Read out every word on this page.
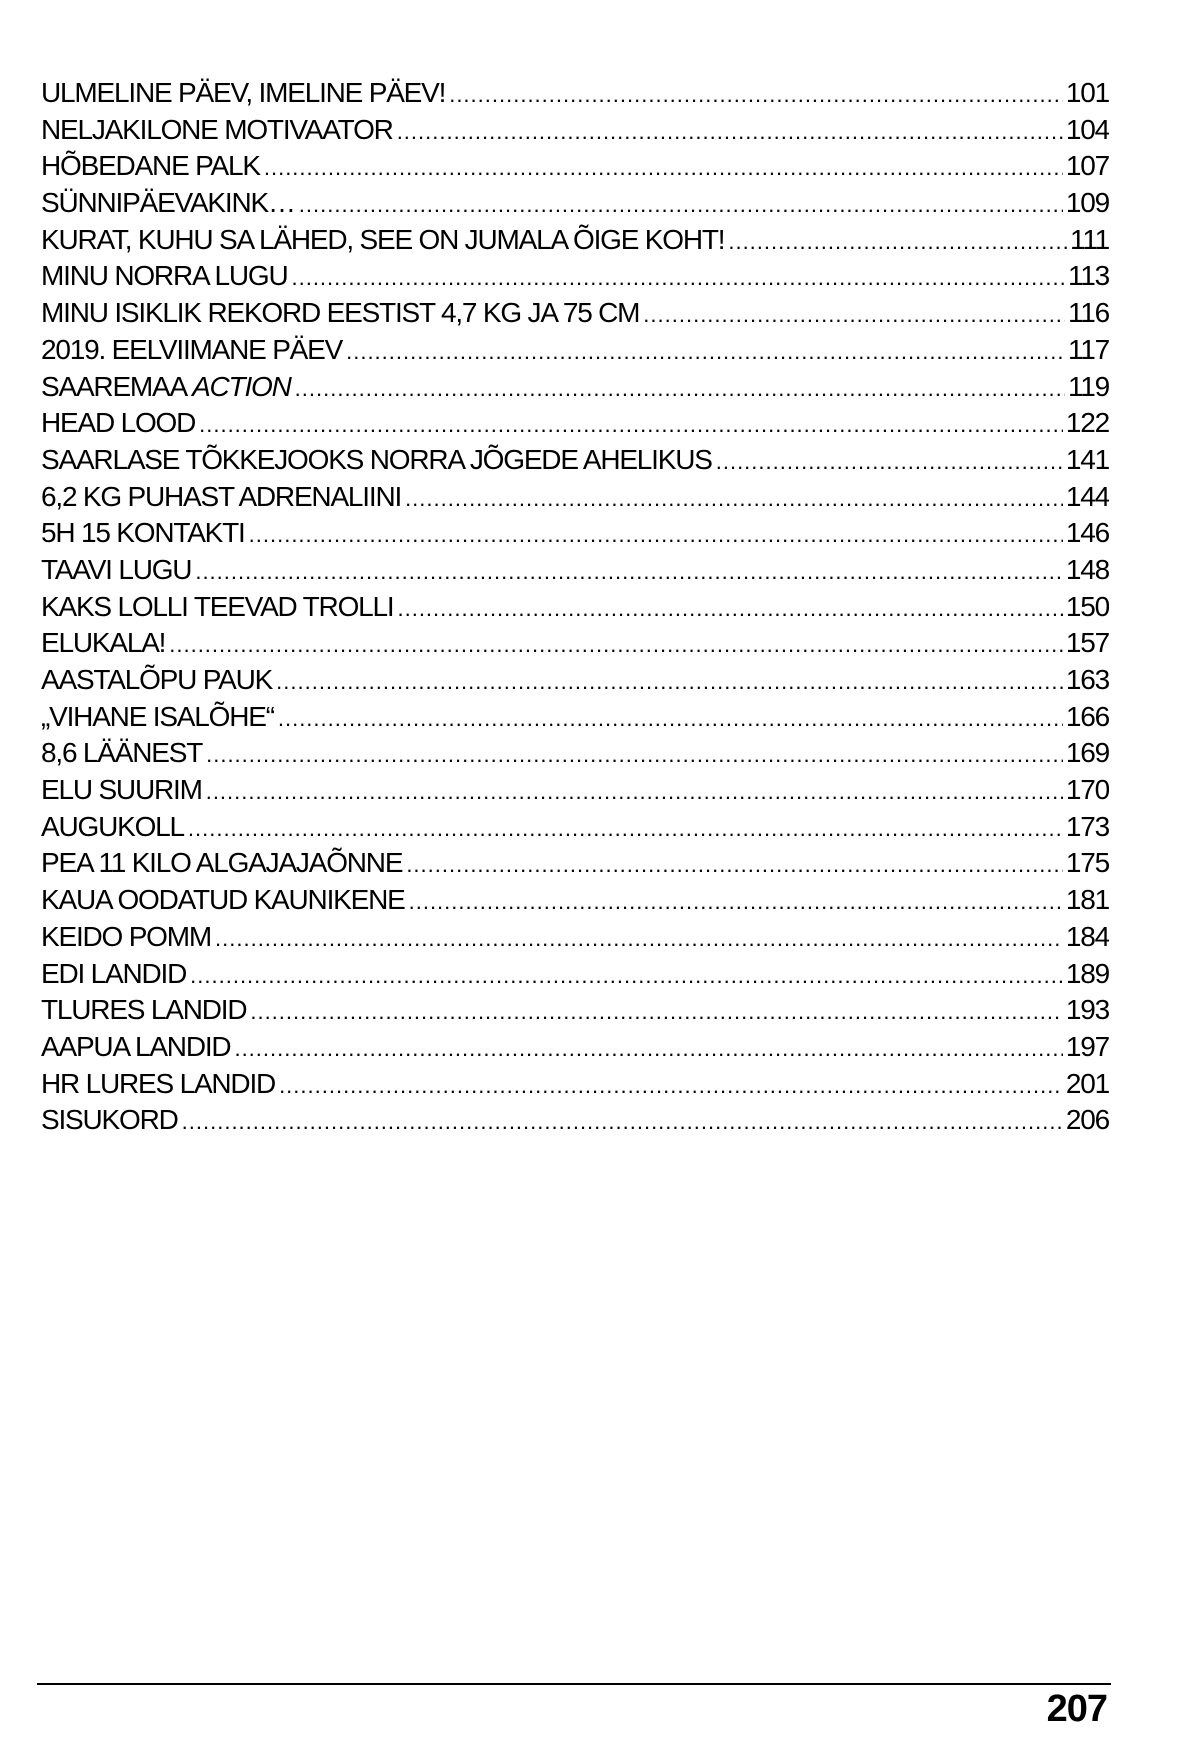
ULMELINE PÄEV, IMELINE PÄEV! .....	101
NELJAKILONE MOTIVAATOR .....	104
HÕBEDANE PALK .....	107
SÜNNIPÄEVAKINK… .....	109
KURAT, KUHU SA LÄHED, SEE ON JUMALA ÕIGE KOHT! .....	111
MINU NORRA LUGU .....	113
MINU ISIKLIK REKORD EESTIST 4,7 KG JA 75 CM .....	116
2019. EELVIIMANE PÄEV .....	117
SAAREMAA ACTION .....	119
HEAD LOOD .....	122
SAARLASE TÕKKEJOOKS NORRA JÕGEDE AHELIKUS .....	141
6,2 KG PUHAST ADRENALIINI .....	144
5H 15 KONTAKTI .....	146
TAAVI LUGU .....	148
KAKS LOLLI TEEVAD TROLLI .....	150
ELUKALA! .....	157
AASTALÕPU PAUK .....	163
„VIHANE ISALÕHE“ .....	166
8,6 LÄÄNEST .....	169
ELU SUURIM .....	170
AUGUKOLL .....	173
PEA 11 KILO ALGAJAJAÕNNE .....	175
KAUA OODATUD KAUNIKENE .....	181
KEIDO POMM .....	184
EDI LANDID .....	189
TLURES LANDID .....	193
AAPUA LANDID .....	197
HR LURES LANDID .....	201
SISUKORD .....	206
207
